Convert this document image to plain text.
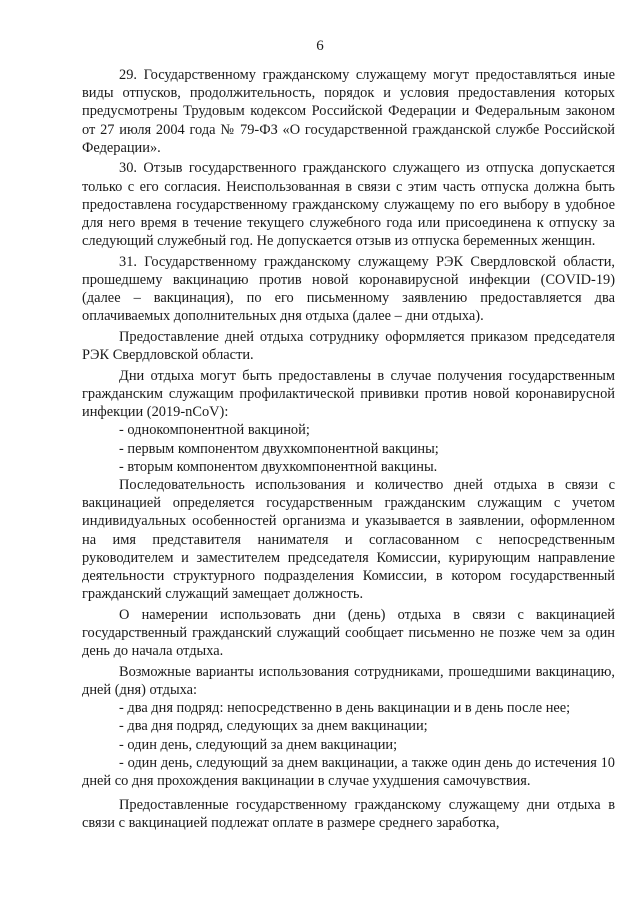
6

29. Государственному гражданскому служащему могут предоставляться иные виды отпусков, продолжительность, порядок и условия предоставления которых предусмотрены Трудовым кодексом Российской Федерации и Федеральным законом от 27 июля 2004 года № 79-ФЗ «О государственной гражданской службе Российской Федерации».

30. Отзыв государственного гражданского служащего из отпуска допускается только с его согласия. Неиспользованная в связи с этим часть отпуска должна быть предоставлена государственному гражданскому служащему по его выбору в удобное для него время в течение текущего служебного года или присоединена к отпуску за следующий служебный год. Не допускается отзыв из отпуска беременных женщин.

31. Государственному гражданскому служащему РЭК Свердловской области, прошедшему вакцинацию против новой коронавирусной инфекции (COVID-19) (далее – вакцинация), по его письменному заявлению предоставляется два оплачиваемых дополнительных дня отдыха (далее – дни отдыха).

Предоставление дней отдыха сотруднику оформляется приказом председателя РЭК Свердловской области.

Дни отдыха могут быть предоставлены в случае получения государственным гражданским служащим профилактической прививки против новой коронавирусной инфекции (2019-nCoV):

- однокомпонентной вакциной;

- первым компонентом двухкомпонентной вакцины;

- вторым компонентом двухкомпонентной вакцины.

Последовательность использования и количество дней отдыха в связи с вакцинацией определяется государственным гражданским служащим с учетом индивидуальных особенностей организма и указывается в заявлении, оформленном на имя представителя нанимателя и согласованном с непосредственным руководителем и заместителем председателя Комиссии, курирующим направление деятельности структурного подразделения Комиссии, в котором государственный гражданский служащий замещает должность.

О намерении использовать дни (день) отдыха в связи с вакцинацией государственный гражданский служащий сообщает письменно не позже чем за один день до начала отдыха.

Возможные варианты использования сотрудниками, прошедшими вакцинацию, дней (дня) отдыха:

- два дня подряд: непосредственно в день вакцинации и в день после нее;

- два дня подряд, следующих за днем вакцинации;

- один день, следующий за днем вакцинации;

- один день, следующий за днем вакцинации, а также один день до истечения 10 дней со дня прохождения вакцинации в случае ухудшения самочувствия.

Предоставленные государственному гражданскому служащему дни отдыха в связи с вакцинацией подлежат оплате в размере среднего заработка,
